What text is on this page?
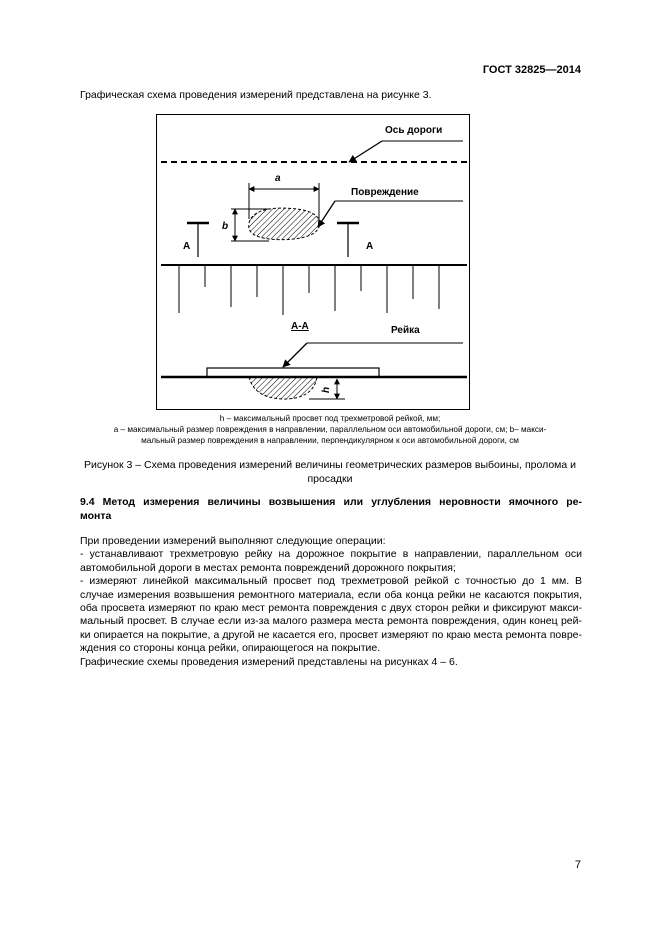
ГОСТ 32825—2014
Графическая схема проведения измерений представлена на рисунке 3.
Ось дороги
Повреждение
a
b
А	А
А-А	Рейка
h
h – максимальный просвет под трехметровой рейкой, мм;
а – максимальный размер повреждения в направлении, параллельном оси автомобильной дороги, см; b– макси-
мальный размер повреждения в направлении, перпендикулярном к оси автомобильной дороги, см
Рисунок 3 – Схема проведения измерений величины геометрических размеров выбоины, пролома и
просадки
9.4 Метод измерения величины возвышения или углубления неровности ямочного ре-
монта

При проведении измерений выполняют следующие операции:

- устанавливают трехметровую рейку на дорожное покрытие в направлении, параллельном оси

автомобильной дороги в местах ремонта повреждений дорожного покрытия;

- измеряют линейкой максимальный просвет под трехметровой рейкой с точностью до 1 мм. В

случае измерения возвышения ремонтного материала, если оба конца рейки не касаются покрытия,

оба просвета измеряют по краю мест ремонта повреждения с двух сторон рейки и фиксируют макси-

мальный просвет. В случае если из-за малого размера места ремонта повреждения, один конец рей-

ки опирается на покрытие, а другой не касается его, просвет измеряют по краю места ремонта повре-

ждения со стороны конца рейки, опирающегося на покрытие.

Графические схемы проведения измерений представлены на рисунках 4 – 6.

7
